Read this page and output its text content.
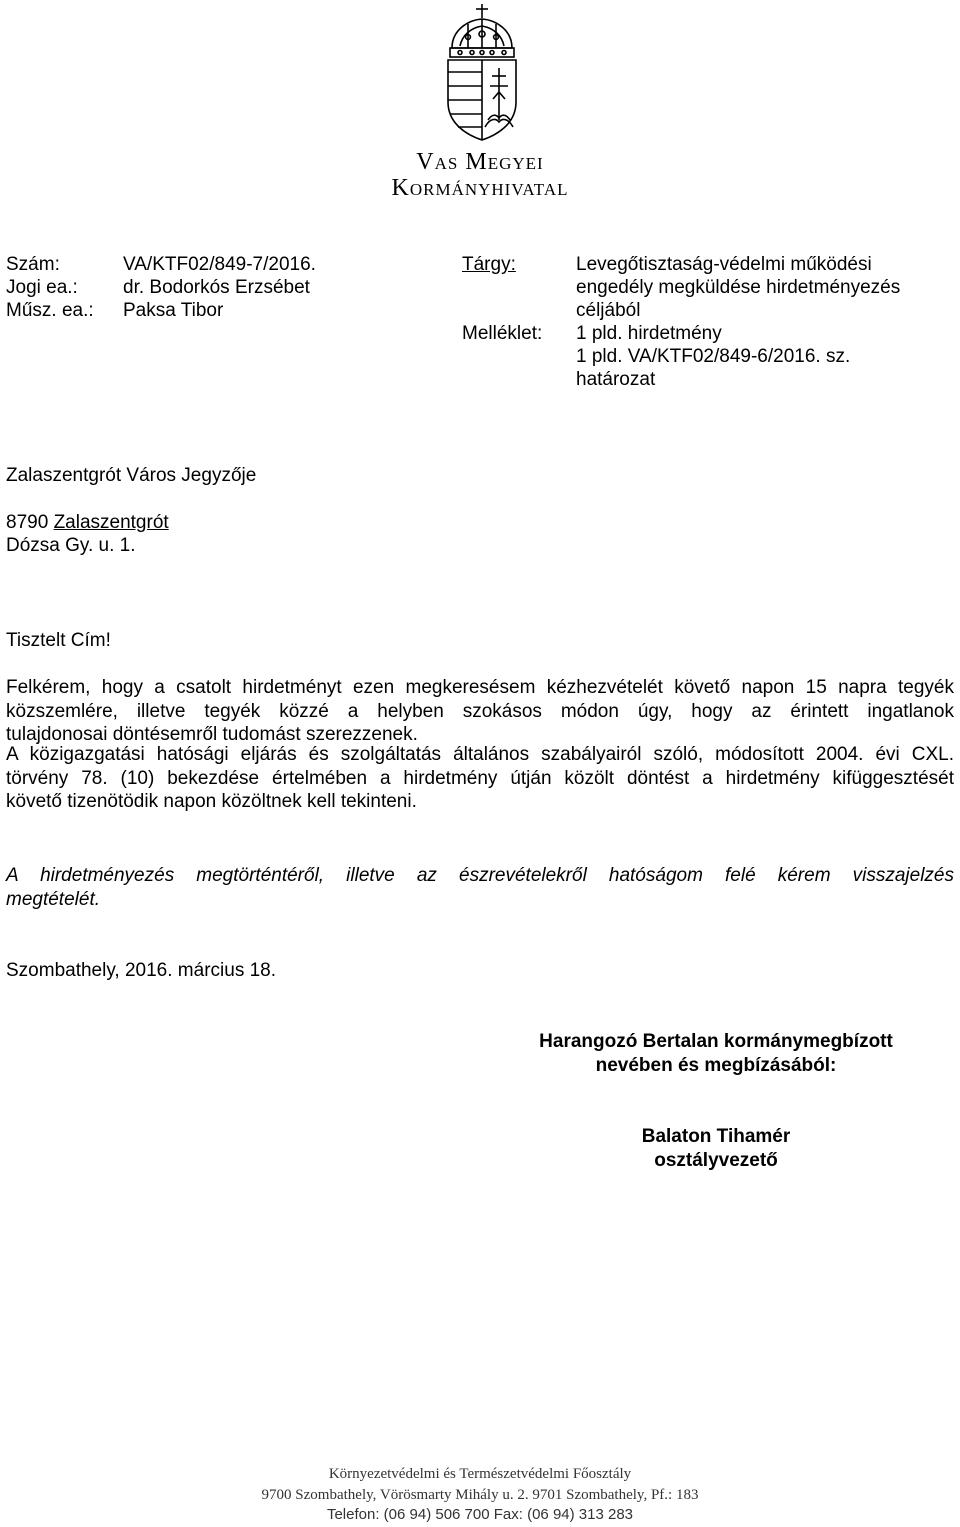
Vas Megyei
Kormányhivatal
Szám:	VA/KTF02/849-7/2016.
Jogi ea.: dr. Bodorkós Erzsébet
Műsz. ea.: Paksa Tibor
Tárgy:	Levegőtisztaság-védelmi működési
engedély megküldése hirdetményezés
céljából
Melléklet: 1 pld. hirdetmény
1 pld. VA/KTF02/849-6/2016. sz.
határozat
Zalaszentgrót Város Jegyzője
8790 Zalaszentgrót
Dózsa Gy. u. 1.
Tisztelt Cím!
Felkérem, hogy a csatolt hirdetményt ezen megkeresésem kézhezvételét követő napon 15 napra tegyék
közszemlére, illetve tegyék közzé a helyben szokásos módon úgy, hogy az érintett ingatlanok
tulajdonosai döntésemről tudomást szerezzenek.
A közigazgatási hatósági eljárás és szolgáltatás általános szabályairól szóló, módosított 2004. évi CXL.
törvény 78. (10) bekezdése értelmében a hirdetmény útján közölt döntést a hirdetmény kifüggesztését
követő tizenötödik napon közöltnek kell tekinteni.
A hirdetményezés megtörténtéről, illetve az észrevételekről hatóságom felé kérem visszajelzés
megtételét.
Szombathely, 2016. március 18.
Harangozó Bertalan kormánymegbízott
nevében és megbízásából:
Balaton Tihamér
osztályvezető
Környezetvédelmi és Természetvédelmi Főosztály
9700 Szombathely, Vörösmarty Mihály u. 2. 9701 Szombathely, Pf.: 183
Telefon: (06 94) 506 700 Fax: (06 94) 313 283
